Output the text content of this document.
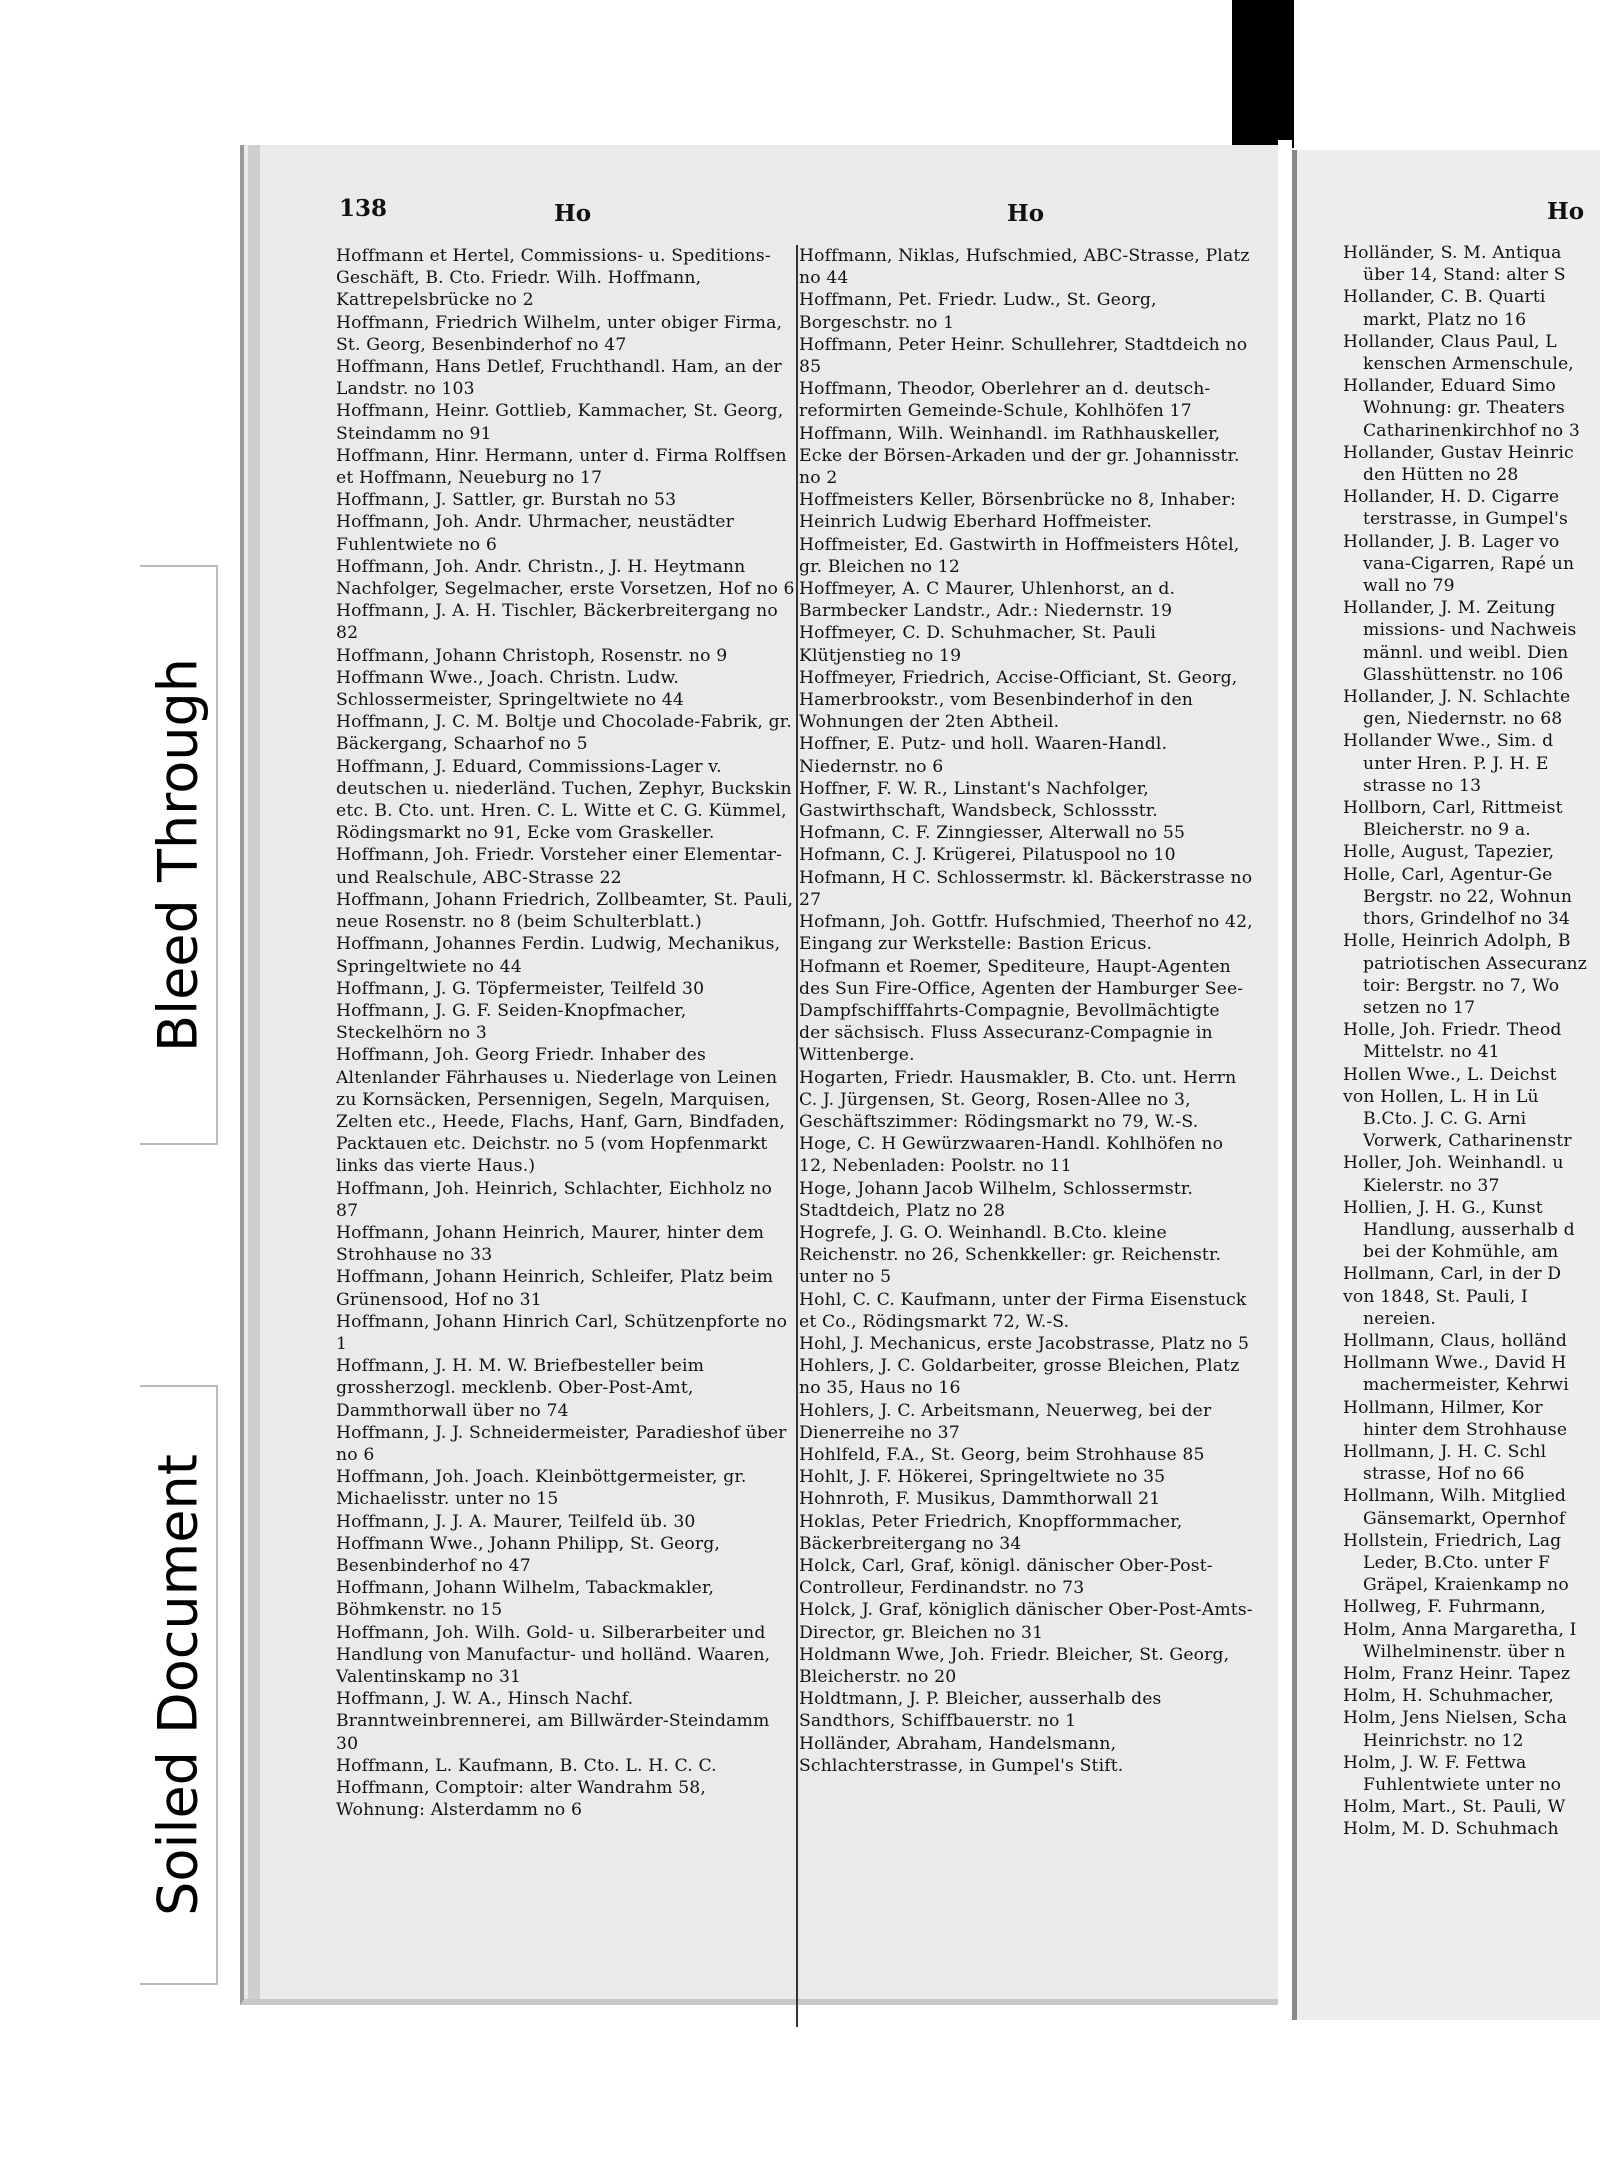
Bleed Through
Soiled Document
138	Ho	Ho
Hoffmann et Hertel, Commissions- u. Speditions-Geschäft, B. Cto. Friedr. Wilh. Hoffmann, Kattrepelsbrücke no 2
Hoffmann, Friedrich Wilhelm, unter obiger Firma, St. Georg, Besenbinderhof no 47
Hoffmann, Hans Detlef, Fruchthandl. Ham, an der Landstr. no 103
Hoffmann, Heinr. Gottlieb, Kammacher, St. Georg, Steindamm no 91
Hoffmann, Hinr. Hermann, unter d. Firma Rolffsen et Hoffmann, Neueburg no 17
Hoffmann, J. Sattler, gr. Burstah no 53
Hoffmann, Joh. Andr. Uhrmacher, neustädter Fuhlentwiete no 6
Hoffmann, Joh. Andr. Christn., J. H. Heytmann Nachfolger, Segelmacher, erste Vorsetzen, Hof no 6
Hoffmann, J. A. H. Tischler, Bäckerbreitergang no 82
Hoffmann, Johann Christoph, Rosenstr. no 9
Hoffmann Wwe., Joach. Christn. Ludw. Schlossermeister, Springeltwiete no 44
Hoffmann, J. C. M. Boltje und Chocolade-Fabrik, gr. Bäckergang, Schaarhof no 5
Hoffmann, J. Eduard, Commissions-Lager v. deutschen u. niederländ. Tuchen, Zephyr, Buckskin etc. B. Cto. unt. Hren. C. L. Witte et C. G. Kümmel, Rödingsmarkt no 91, Ecke vom Graskeller.
Hoffmann, Joh. Friedr. Vorsteher einer Elementar- und Realschule, ABC-Strasse 22
Hoffmann, Johann Friedrich, Zollbeamter, St. Pauli, neue Rosenstr. no 8 (beim Schulterblatt.)
Hoffmann, Johannes Ferdin. Ludwig, Mechanikus, Springeltwiete no 44
Hoffmann, J. G. Töpfermeister, Teilfeld 30
Hoffmann, J. G. F. Seiden-Knopfmacher, Steckelhörn no 3
Hoffmann, Joh. Georg Friedr. Inhaber des Altenlander Fährhauses u. Niederlage von Leinen zu Kornsäcken, Persennigen, Segeln, Marquisen, Zelten etc., Heede, Flachs, Hanf, Garn, Bindfaden, Packtauen etc. Deichstr. no 5 (vom Hopfenmarkt links das vierte Haus.)
Hoffmann, Joh. Heinrich, Schlachter, Eichholz no 87
Hoffmann, Johann Heinrich, Maurer, hinter dem Strohhause no 33
Hoffmann, Johann Heinrich, Schleifer, Platz beim Grünensood, Hof no 31
Hoffmann, Johann Hinrich Carl, Schützenpforte no 1
Hoffmann, J. H. M. W. Briefbesteller beim grossherzogl. mecklenb. Ober-Post-Amt, Dammthorwall über no 74
Hoffmann, J. J. Schneidermeister, Paradieshof über no 6
Hoffmann, Joh. Joach. Kleinböttgermeister, gr. Michaelisstr. unter no 15
Hoffmann, J. J. A. Maurer, Teilfeld üb. 30
Hoffmann Wwe., Johann Philipp, St. Georg, Besenbinderhof no 47
Hoffmann, Johann Wilhelm, Tabackmakler, Böhmkenstr. no 15
Hoffmann, Joh. Wilh. Gold- u. Silberarbeiter und Handlung von Manufactur- und holländ. Waaren, Valentinskamp no 31
Hoffmann, J. W. A., Hinsch Nachf. Branntweinbrennerei, am Billwärder-Steindamm 30
Hoffmann, L. Kaufmann, B. Cto. L. H. C. C. Hoffmann, Comptoir: alter Wandrahm 58, Wohnung: Alsterdamm no 6
Hoffmann, Niklas, Hufschmied, ABC-Strasse, Platz no 44
Hoffmann, Pet. Friedr. Ludw., St. Georg, Borgeschstr. no 1
Hoffmann, Peter Heinr. Schullehrer, Stadtdeich no 85
Hoffmann, Theodor, Oberlehrer an d. deutsch-reformirten Gemeinde-Schule, Kohlhöfen 17
Hoffmann, Wilh. Weinhandl. im Rathhauskeller, Ecke der Börsen-Arkaden und der gr. Johannisstr. no 2
Hoffmeisters Keller, Börsenbrücke no 8, Inhaber: Heinrich Ludwig Eberhard Hoffmeister.
Hoffmeister, Ed. Gastwirth in Hoffmeisters Hôtel, gr. Bleichen no 12
Hoffmeyer, A. C Maurer, Uhlenhorst, an d. Barmbecker Landstr., Adr.: Niedernstr. 19
Hoffmeyer, C. D. Schuhmacher, St. Pauli Klütjenstieg no 19
Hoffmeyer, Friedrich, Accise-Officiant, St. Georg, Hamerbrookstr., vom Besenbinderhof in den Wohnungen der 2ten Abtheil.
Hoffner, E. Putz- und holl. Waaren-Handl. Niedernstr. no 6
Hoffner, F. W. R., Linstant's Nachfolger, Gastwirthschaft, Wandsbeck, Schlossstr.
Hofmann, C. F. Zinngiesser, Alterwall no 55
Hofmann, C. J. Krügerei, Pilatuspool no 10
Hofmann, H C. Schlossermstr. kl. Bäckerstrasse no 27
Hofmann, Joh. Gottfr. Hufschmied, Theerhof no 42, Eingang zur Werkstelle: Bastion Ericus.
Hofmann et Roemer, Spediteure, Haupt-Agenten des Sun Fire-Office, Agenten der Hamburger See-Dampfschifffahrts-Compagnie, Bevollmächtigte der sächsisch. Fluss Assecuranz-Compagnie in Wittenberge.
Hogarten, Friedr. Hausmakler, B. Cto. unt. Herrn C. J. Jürgensen, St. Georg, Rosen-Allee no 3, Geschäftszimmer: Rödingsmarkt no 79, W.-S.
Hoge, C. H Gewürzwaaren-Handl. Kohlhöfen no 12, Nebenladen: Poolstr. no 11
Hoge, Johann Jacob Wilhelm, Schlossermstr. Stadtdeich, Platz no 28
Hogrefe, J. G. O. Weinhandl. B.Cto. kleine Reichenstr. no 26, Schenkkeller: gr. Reichenstr. unter no 5
Hohl, C. C. Kaufmann, unter der Firma Eisenstuck et Co., Rödingsmarkt 72, W.-S.
Hohl, J. Mechanicus, erste Jacobstrasse, Platz no 5
Hohlers, J. C. Goldarbeiter, grosse Bleichen, Platz no 35, Haus no 16
Hohlers, J. C. Arbeitsmann, Neuerweg, bei der Dienerreihe no 37
Hohlfeld, F.A., St. Georg, beim Strohhause 85
Hohlt, J. F. Hökerei, Springeltwiete no 35
Hohnroth, F. Musikus, Dammthorwall 21
Hoklas, Peter Friedrich, Knopfformmacher, Bäckerbreitergang no 34
Holck, Carl, Graf, königl. dänischer Ober-Post-Controlleur, Ferdinandstr. no 73
Holck, J. Graf, königlich dänischer Ober-Post-Amts-Director, gr. Bleichen no 31
Holdmann Wwe, Joh. Friedr. Bleicher, St. Georg, Bleicherstr. no 20
Holdtmann, J. P. Bleicher, ausserhalb des Sandthors, Schiffbauerstr. no 1
Holländer, Abraham, Handelsmann, Schlachterstrasse, in Gumpel's Stift.
Ho
Holländer, S. M. Antiqua
über 14, Stand: alter S
Hollander, C. B. Quarti
markt, Platz no 16
Hollander, Claus Paul, L
kenschen Armenschule,
Hollander, Eduard Simo
Wohnung: gr. Theaters
Catharinenkirchhof no 3
Hollander, Gustav Heinric
den Hütten no 28
Hollander, H. D. Cigarre
terstrasse, in Gumpel's
Hollander, J. B. Lager vo
vana-Cigarren, Rapé un
wall no 79
Hollander, J. M. Zeitung
missions- und Nachweis
männl. und weibl. Dien
Glasshüttenstr. no 106
Hollander, J. N. Schlachte
gen, Niedernstr. no 68
Hollander Wwe., Sim. d
unter Hren. P. J. H. E
strasse no 13
Hollborn, Carl, Rittmeist
Bleicherstr. no 9 a.
Holle, August, Tapezier,
Holle, Carl, Agentur-Ge
Bergstr. no 22, Wohnun
thors, Grindelhof no 34
Holle, Heinrich Adolph, B
patriotischen Assecuranz
toir: Bergstr. no 7, Wo
setzen no 17
Holle, Joh. Friedr. Theod
Mittelstr. no 41
Hollen Wwe., L. Deichst
von Hollen, L. H in Lü
B.Cto. J. C. G. Arni
Vorwerk, Catharinenstr
Holler, Joh. Weinhandl. u
Kielerstr. no 37
Hollien, J. H. G., Kunst
Handlung, ausserhalb d
bei der Kohmühle, am
Hollmann, Carl, in der D
von 1848, St. Pauli, I
nereien.
Hollmann, Claus, holländ
Hollmann Wwe., David H
machermeister, Kehrwi
Hollmann, Hilmer, Kor
hinter dem Strohhause
Hollmann, J. H. C. Schl
strasse, Hof no 66
Hollmann, Wilh. Mitglied
Gänsemarkt, Opernhof
Hollstein, Friedrich, Lag
Leder, B.Cto. unter F
Gräpel, Kraienkamp no
Hollweg, F. Fuhrmann,
Holm, Anna Margaretha, I
Wilhelminenstr. über n
Holm, Franz Heinr. Tapez
Holm, H. Schuhmacher,
Holm, Jens Nielsen, Scha
Heinrichstr. no 12
Holm, J. W. F. Fettwa
Fuhlentwiete unter no
Holm, Mart., St. Pauli, W
Holm, M. D. Schuhmach
